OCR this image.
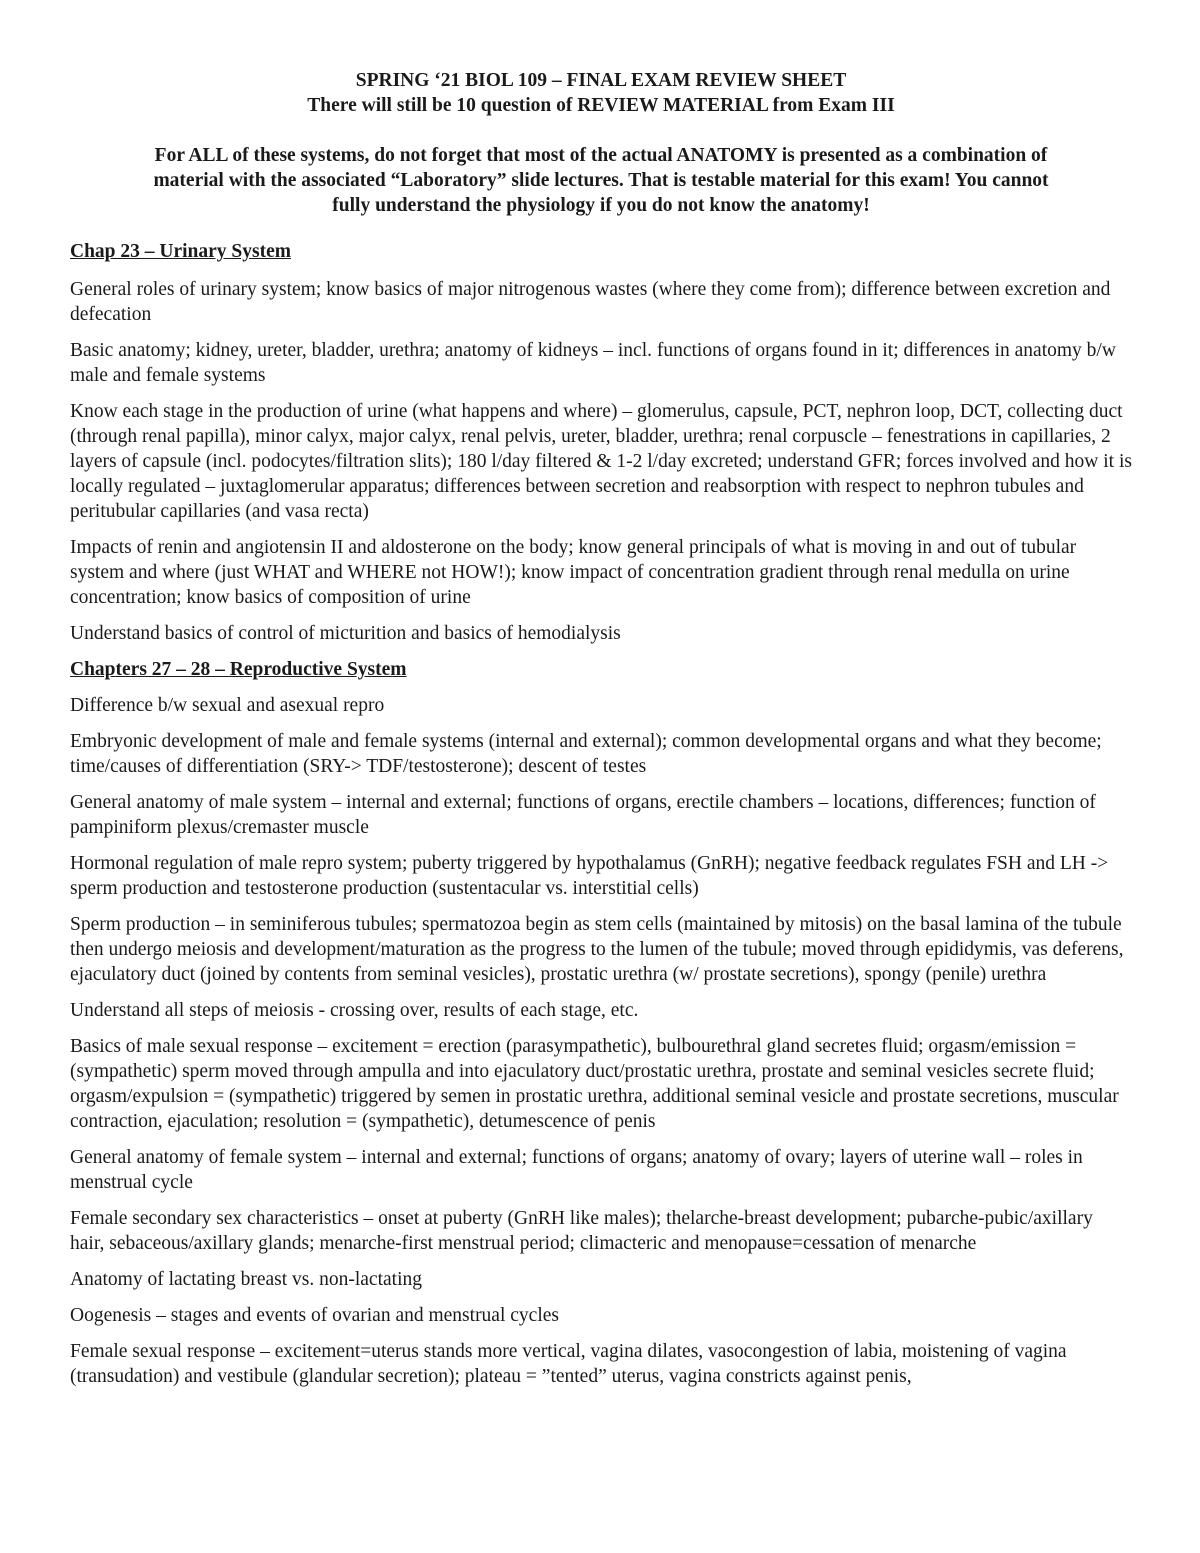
SPRING ‘21 BIOL 109 – FINAL EXAM REVIEW SHEET
There will still be 10 question of REVIEW MATERIAL from Exam III
For ALL of these systems, do not forget that most of the actual ANATOMY is presented as a combination of material with the associated “Laboratory” slide lectures. That is testable material for this exam! You cannot fully understand the physiology if you do not know the anatomy!

Chap 23 – Urinary System

General roles of urinary system; know basics of major nitrogenous wastes (where they come from); difference between excretion and defecation

Basic anatomy; kidney, ureter, bladder, urethra; anatomy of kidneys – incl. functions of organs found in it; differences in anatomy b/w male and female systems

Know each stage in the production of urine (what happens and where) – glomerulus, capsule, PCT, nephron loop, DCT, collecting duct (through renal papilla), minor calyx, major calyx, renal pelvis, ureter, bladder, urethra; renal corpuscle – fenestrations in capillaries, 2 layers of capsule (incl. podocytes/filtration slits); 180 l/day filtered & 1-2 l/day excreted; understand GFR; forces involved and how it is locally regulated – juxtaglomerular apparatus; differences between secretion and reabsorption with respect to nephron tubules and peritubular capillaries (and vasa recta)

Impacts of renin and angiotensin II and aldosterone on the body; know general principals of what is moving in and out of tubular system and where (just WHAT and WHERE not HOW!); know impact of concentration gradient through renal medulla on urine concentration; know basics of composition of urine

Understand basics of control of micturition and basics of hemodialysis

Chapters 27 – 28 – Reproductive System

Difference b/w sexual and asexual repro

Embryonic development of male and female systems (internal and external); common developmental organs and what they become; time/causes of differentiation (SRY-> TDF/testosterone); descent of testes

General anatomy of male system – internal and external; functions of organs, erectile chambers – locations, differences; function of pampiniform plexus/cremaster muscle

Hormonal regulation of male repro system; puberty triggered by hypothalamus (GnRH); negative feedback regulates FSH and LH -> sperm production and testosterone production (sustentacular vs. interstitial cells)

Sperm production – in seminiferous tubules; spermatozoa begin as stem cells (maintained by mitosis) on the basal lamina of the tubule then undergo meiosis and development/maturation as the progress to the lumen of the tubule; moved through epididymis, vas deferens, ejaculatory duct (joined by contents from seminal vesicles), prostatic urethra (w/ prostate secretions), spongy (penile) urethra

Understand all steps of meiosis - crossing over, results of each stage, etc.

Basics of male sexual response – excitement = erection (parasympathetic), bulbourethral gland secretes fluid; orgasm/emission = (sympathetic) sperm moved through ampulla and into ejaculatory duct/prostatic urethra, prostate and seminal vesicles secrete fluid; orgasm/expulsion = (sympathetic) triggered by semen in prostatic urethra, additional seminal vesicle and prostate secretions, muscular contraction, ejaculation; resolution = (sympathetic), detumescence of penis

General anatomy of female system – internal and external; functions of organs; anatomy of ovary; layers of uterine wall – roles in menstrual cycle

Female secondary sex characteristics – onset at puberty (GnRH like males); thelarche-breast development; pubarche-pubic/axillary hair, sebaceous/axillary glands; menarche-first menstrual period; climacteric and menopause=cessation of menarche

Anatomy of lactating breast vs. non-lactating

Oogenesis – stages and events of ovarian and menstrual cycles

Female sexual response – excitement=uterus stands more vertical, vagina dilates, vasocongestion of labia, moistening of vagina (transudation) and vestibule (glandular secretion); plateau = ”tented” uterus, vagina constricts against penis,
